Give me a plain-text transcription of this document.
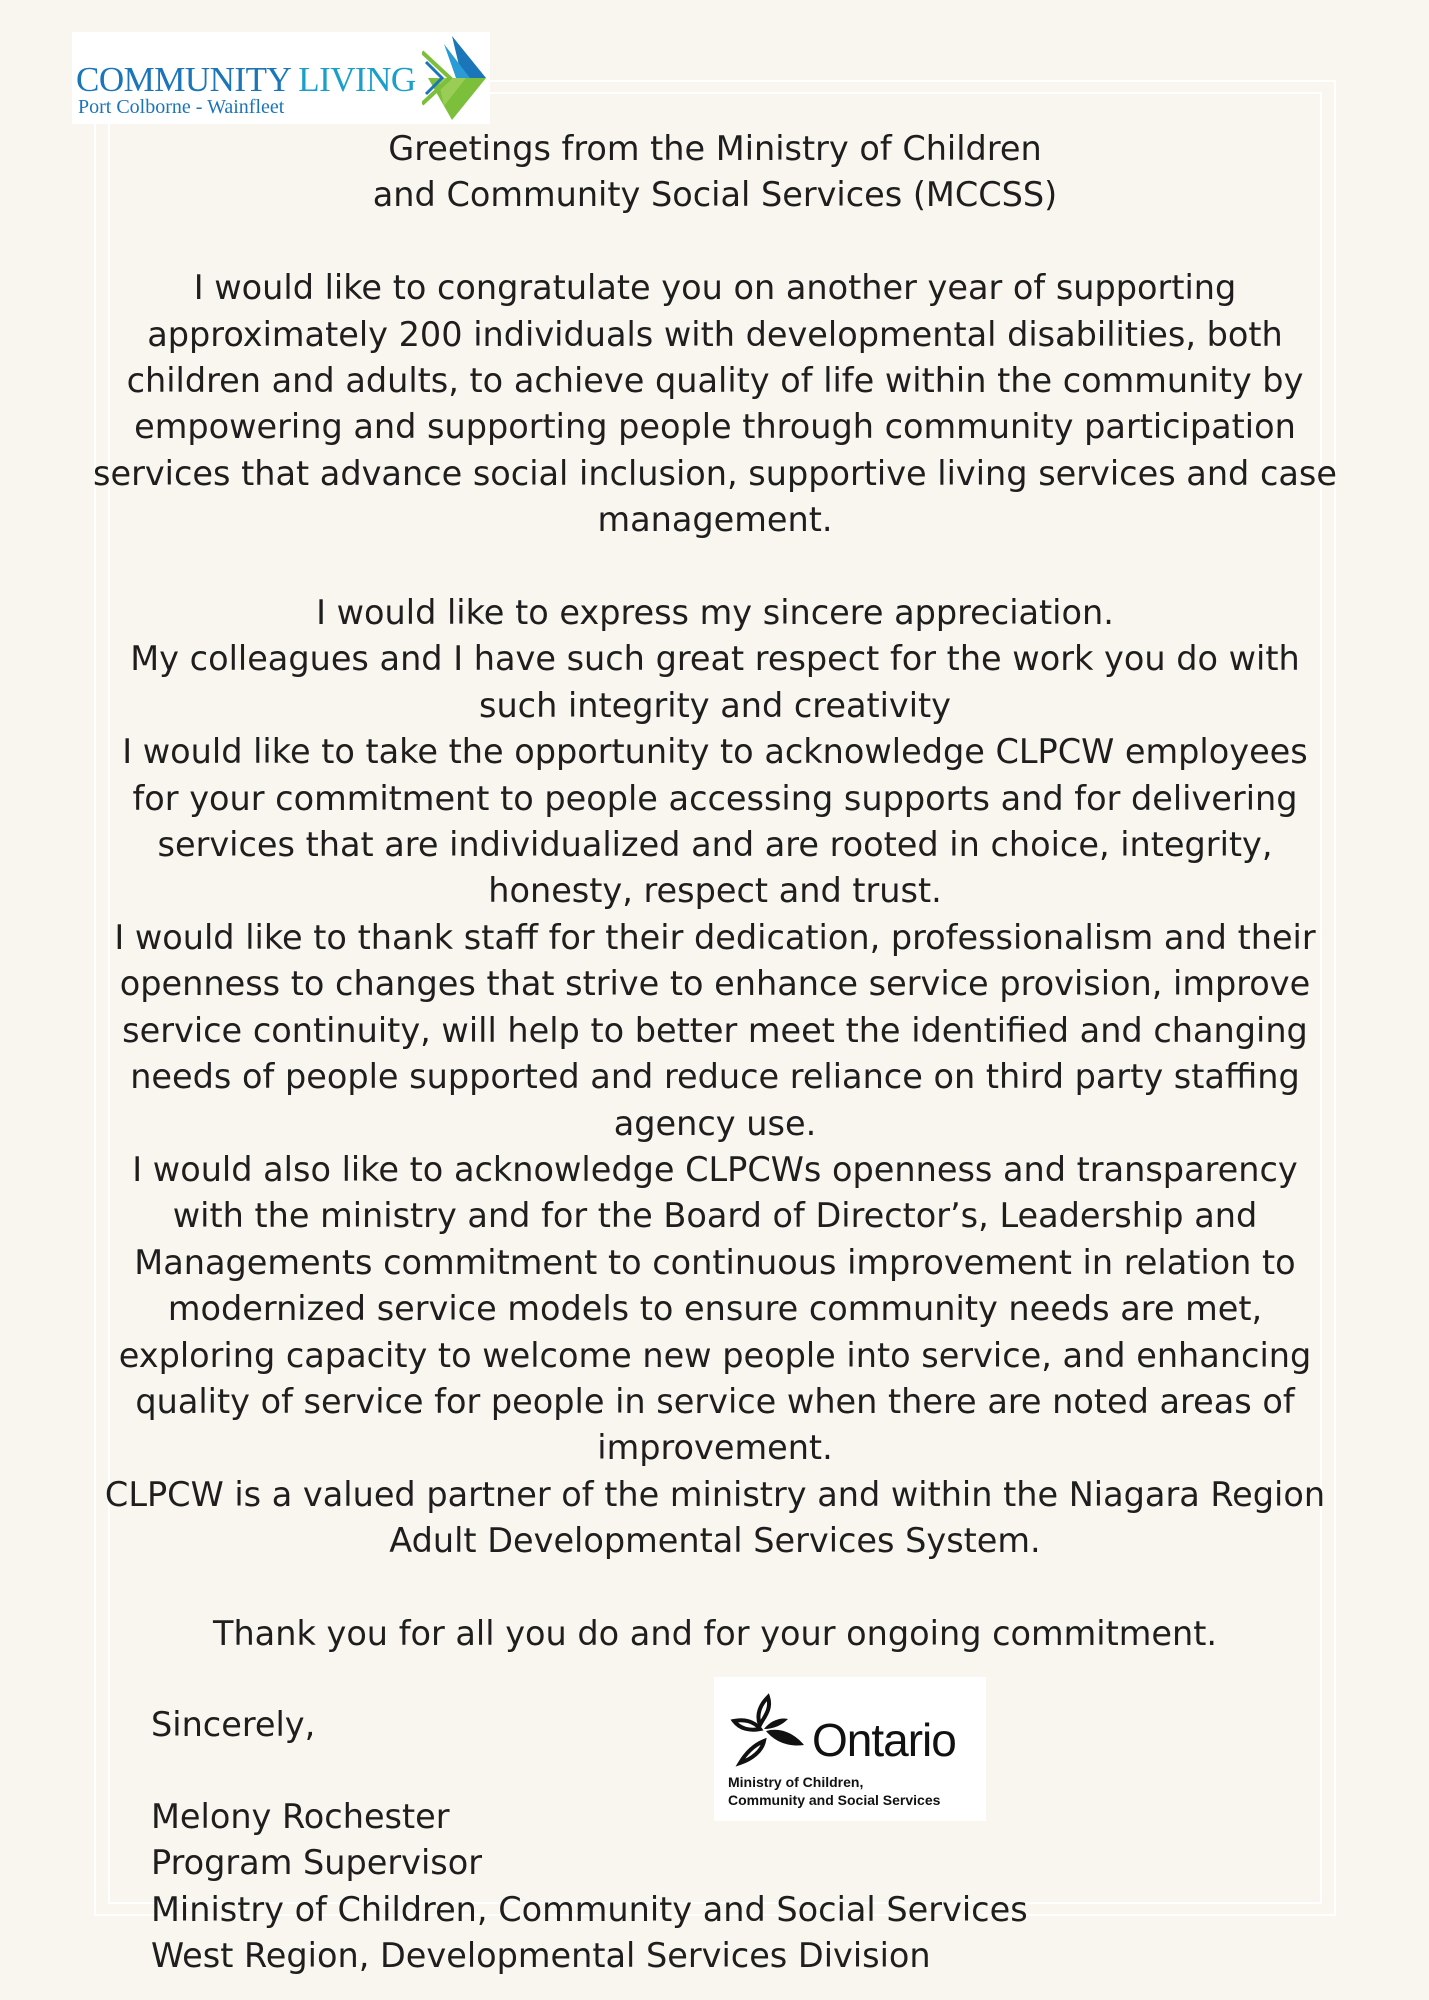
COMMUNITY LIVING
Port Colborne - Wainfleet

Greetings from the Ministry of Children

and Community Social Services (MCCSS)

I would like to congratulate you on another year of supporting

approximately 200 individuals with developmental disabilities, both

children and adults, to achieve quality of life within the community by

empowering and supporting people through community participation

services that advance social inclusion, supportive living services and case

management.

I would like to express my sincere appreciation.

My colleagues and I have such great respect for the work you do with

such integrity and creativity

I would like to take the opportunity to acknowledge CLPCW employees

for your commitment to people accessing supports and for delivering

services that are individualized and are rooted in choice, integrity,

honesty, respect and trust.

I would like to thank staff for their dedication, professionalism and their

openness to changes that strive to enhance service provision, improve

service continuity, will help to better meet the identified and changing

needs of people supported and reduce reliance on third party staffing

agency use.

I would also like to acknowledge CLPCWs openness and transparency

with the ministry and for the Board of Director’s, Leadership and

Managements commitment to continuous improvement in relation to

modernized service models to ensure community needs are met,

exploring capacity to welcome new people into service, and enhancing

quality of service for people in service when there are noted areas of

improvement.

CLPCW is a valued partner of the ministry and within the Niagara Region

Adult Developmental Services System.

Thank you for all you do and for your ongoing commitment.

Sincerely,

Melony Rochester

Program Supervisor

Ministry of Children, Community and Social Services

West Region, Developmental Services Division

Ontario
Ministry of Children,
Community and Social Services
